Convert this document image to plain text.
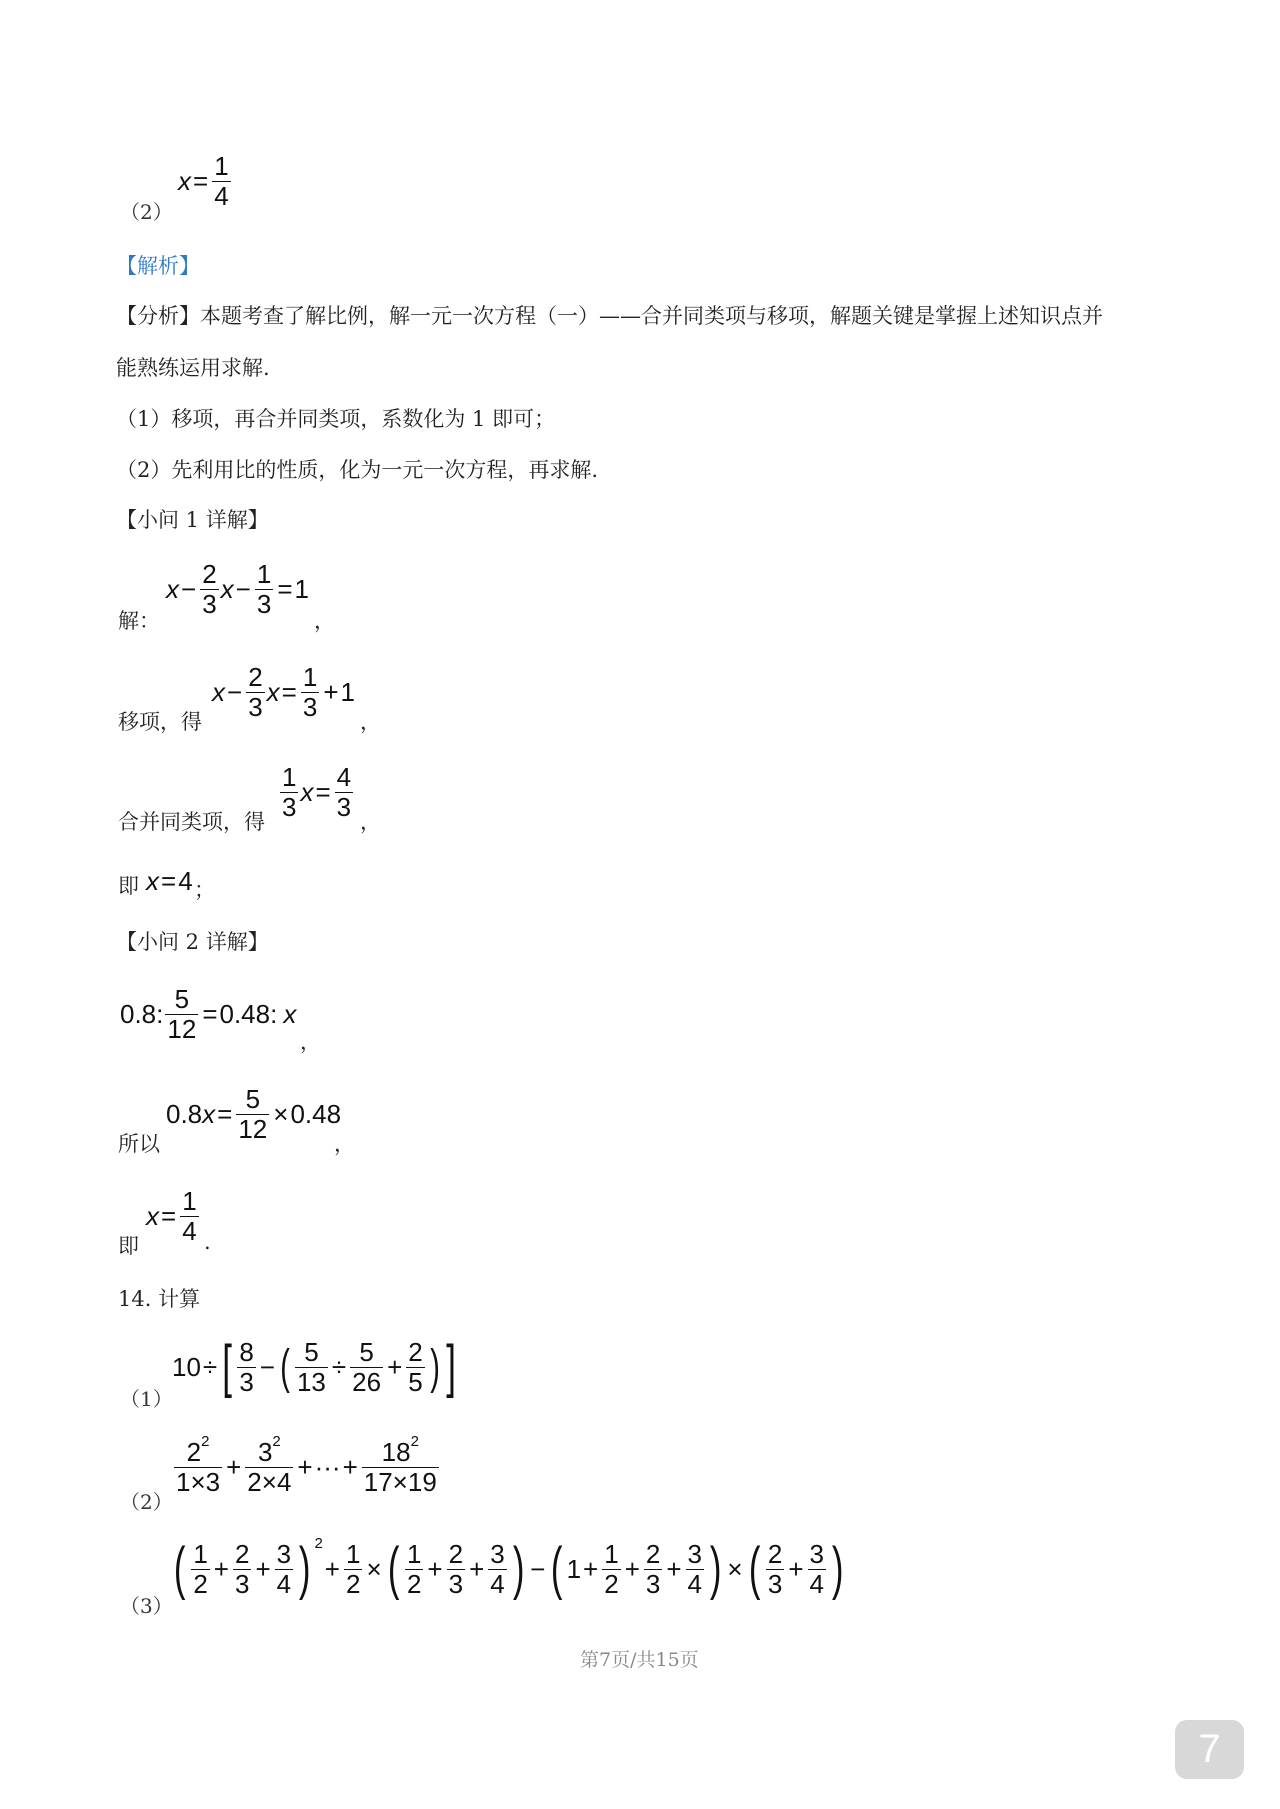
（2）
$x = \frac{1}{4}$
【解析】
【分析】本题考查了解比例，解一元一次方程（一）——合并同类项与移项，解题关键是掌握上述知识点并
能熟练运用求解.
（1）移项，再合并同类项，系数化为 1 即可；
（2）先利用比的性质，化为一元一次方程，再求解.
【小问 1 详解】
解：
$x - \frac{2}{3}$ $x - \frac{1}{3} = 1$
，
移项，得
$x - \frac{2}{3}$ $x = \frac{1}{3} + 1$
，
合并同类项，得
$\frac{1}{3}$ $x = \frac{4}{3}$
，
即 x = 4 ；
【小问 2 详解】
0.8 : $\frac{5}{12} = 0.48$ : x
，
所以
0.8 $x = \frac{5}{12} \times 0.48$
，
即
$x = \frac{1}{4}$ .
14. 计算
（1）
10 ÷ [ $\frac{8}{3}$ − ( $\frac{5}{13} \div \frac{5}{26} + \frac{2}{5}$ ) ]
（2）
$\frac{2^2}{1\times 3} + \frac{3^2}{2\times 4}$ + ··· + $\frac{18^2}{17\times 19}$
（3）
( $\frac{1}{2} + \frac{2}{3} + \frac{3}{4}$ ) $^2$
+ $\frac{1}{2}$ × ( $\frac{1}{2} + \frac{2}{3} + \frac{3}{4}$ ) − ( $1 + \frac{1}{2} + \frac{2}{3} + \frac{3}{4}$ ) × ( $\frac{2}{3} + \frac{3}{4}$ )
第7页/共15页
7
